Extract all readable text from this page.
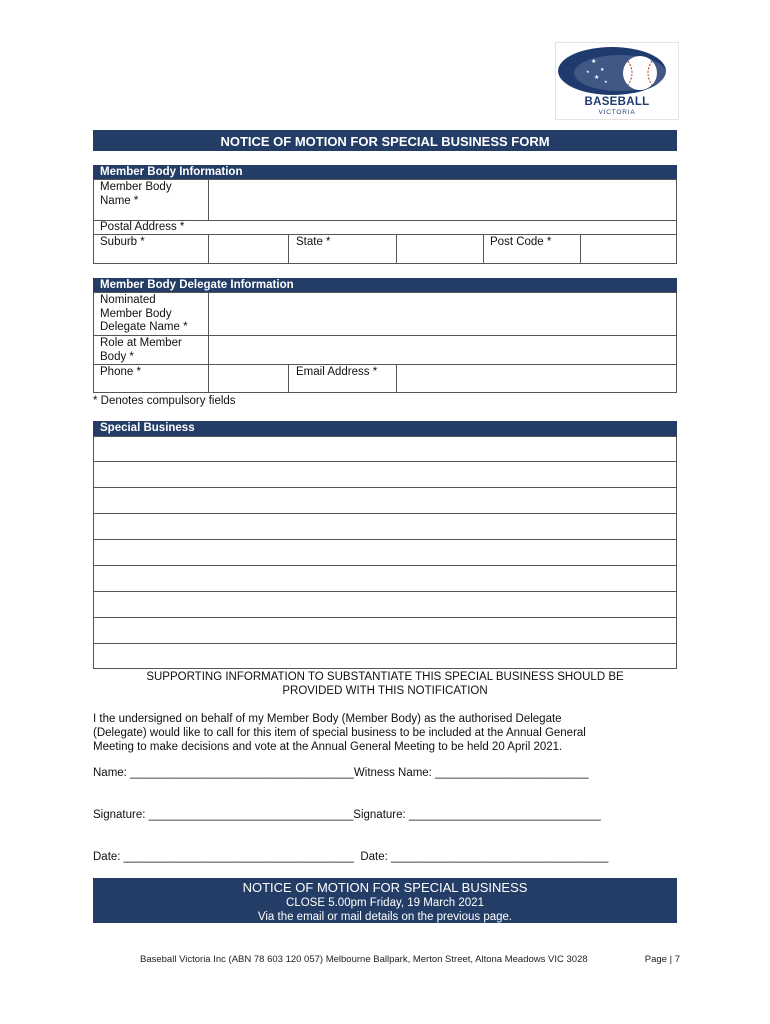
★
★
★
★
★
BASEBALL
VICTORIA
NOTICE OF MOTION FOR SPECIAL BUSINESS FORM
Member Body Information
Member Body
Name *
Postal Address *
Suburb *	State *	Post Code *
Member Body Delegate Information
Nominated
Member Body
Delegate Name *
Role at Member
Body *
Phone *	Email Address *
* Denotes compulsory fields
Special Business
SUPPORTING INFORMATION TO SUBSTANTIATE THIS SPECIAL BUSINESS SHOULD BE
PROVIDED WITH THIS NOTIFICATION
I the undersigned on behalf of my Member Body (Member Body) as the authorised Delegate
(Delegate) would like to call for this item of special business to be included at the Annual General
Meeting to make decisions and vote at the Annual General Meeting to be held 20 April 2021.
Name: ___________________________________Witness Name: ________________________
Signature: ________________________________Signature: ______________________________
Date: ____________________________________  Date: __________________________________
NOTICE OF MOTION FOR SPECIAL BUSINESS
CLOSE 5.00pm Friday, 19 March 2021
Via the email or mail details on the previous page.
Baseball Victoria Inc (ABN 78 603 120 057) Melbourne Ballpark, Merton Street, Altona Meadows VIC 3028	Page | 7
